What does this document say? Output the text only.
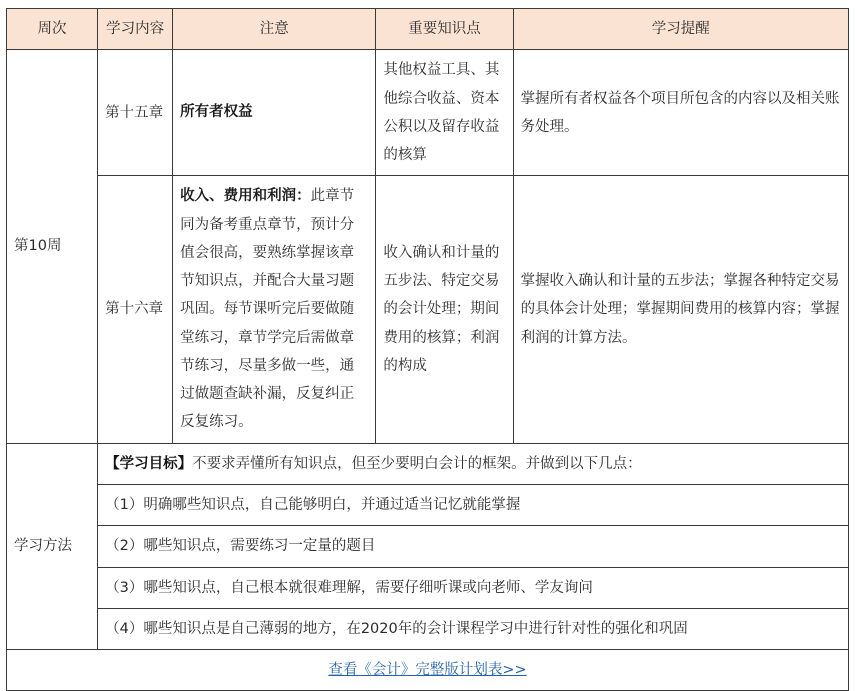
周次	学习内容	注意	重要知识点	学习提醒
第10周	第十五章	所有者权益	其他权益工具、其他综合收益、资本公积以及留存收益的核算	掌握所有者权益各个项目所包含的内容以及相关账务处理。
	第十六章	收入、费用和利润：此章节同为备考重点章节，预计分值会很高，要熟练掌握该章节知识点，并配合大量习题巩固。每节课听完后要做随堂练习，章节学完后需做章节练习，尽量多做一些，通过做题查缺补漏，反复纠正反复练习。	收入确认和计量的五步法、特定交易的会计处理；期间费用的核算；利润的构成	掌握收入确认和计量的五步法；掌握各种特定交易的具体会计处理；掌握期间费用的核算内容；掌握利润的计算方法。
学习方法	【学习目标】不要求弄懂所有知识点，但至少要明白会计的框架。并做到以下几点：			
	（1）明确哪些知识点，自己能够明白，并通过适当记忆就能掌握			
	（2）哪些知识点，需要练习一定量的题目			
	（3）哪些知识点，自己根本就很难理解，需要仔细听课或向老师、学友询问			
	（4）哪些知识点是自己薄弱的地方，在2020年的会计课程学习中进行针对性的强化和巩固			
查看《会计》完整版计划表>>				
